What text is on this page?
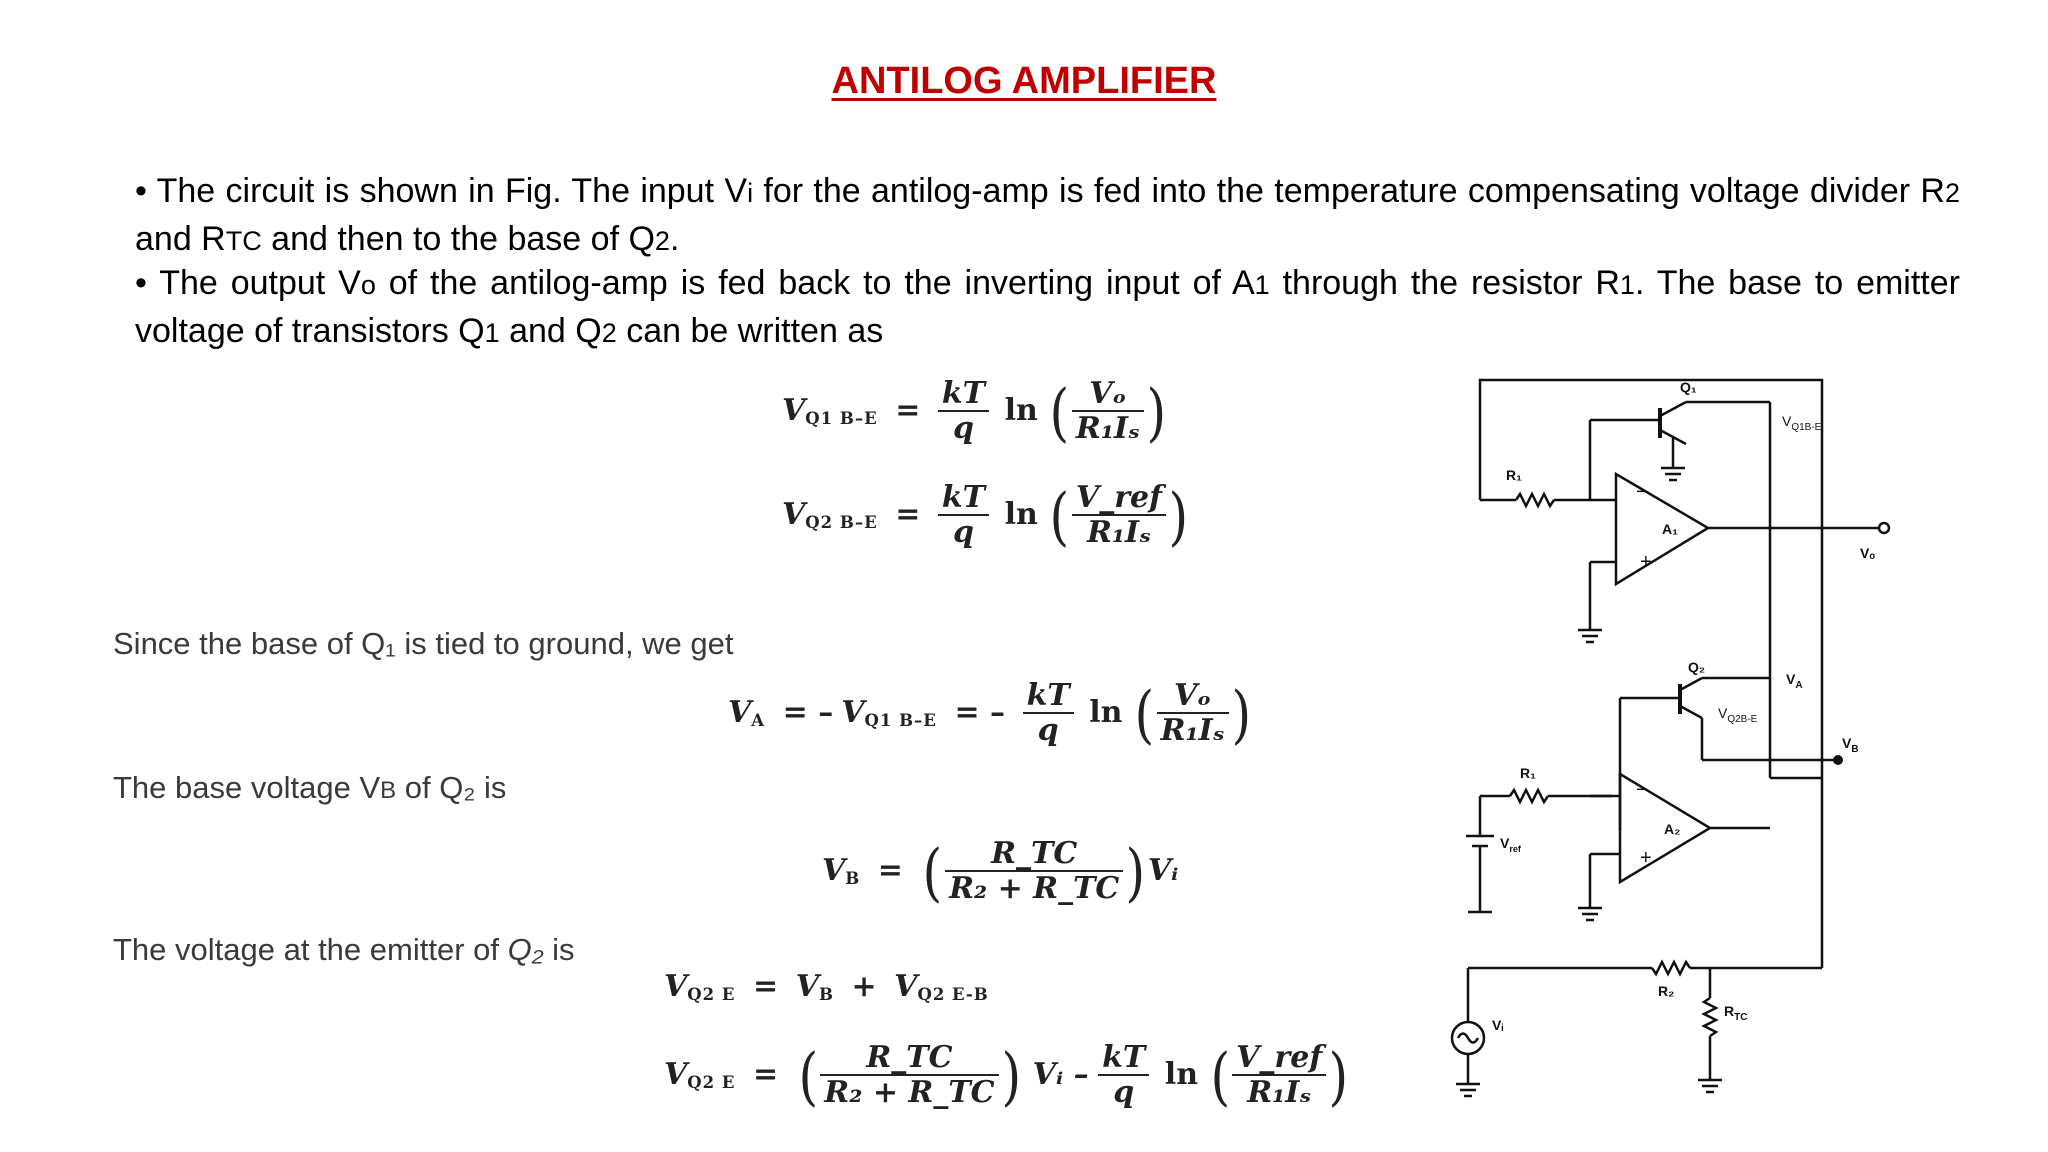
ANTILOG AMPLIFIER
• The circuit is shown in Fig. The input Vi for the antilog-amp is fed into the temperature compensating voltage divider R2 and RTC and then to the base of Q2.
• The output Vo of the antilog-amp is fed back to the inverting input of A1 through the resistor R1. The base to emitter voltage of transistors Q1 and Q2 can be written as
$V_{Q1 B-E} = \frac{kT}{q}$ ln ( $\frac{\text{Vₒ}}{\text{R₁Iₛ}}$ )
$V_{Q2 B-E} = \frac{kT}{q}$ ln ( $\frac{\text{V\_ref}}{\text{R₁Iₛ}}$ )
Since the base of Q₁ is tied to ground, we get
$V_A$ = – $V_{Q1 B-E}$ = – $\frac{kT}{q}$ ln ( $\frac{\text{Vₒ}}{\text{R₁Iₛ}}$ )
The base voltage VB of Q₂ is
$V_B$ = ( $\frac{R\_TC}{\text{R₂ + R\_TC}}$ )Vᵢ
The voltage at the emitter of Q₂ is
$V_{Q2 E} = V_B + V_{Q2 E-B}$
$V_{Q2 E}$ = ( $\frac{R\_TC}{\text{R₂ + R\_TC}}$ ) Vᵢ – $\frac{kT}{q}$ ln ( $\frac{\text{V\_ref}}{\text{R₁Iₛ}}$ )
Q₁
$V_{Q1B-E}$
R₁
+
−
A₁
Vₒ
Q₂
$V_{Q2B-E}$
$V_A$
$V_B$
R₁
−
+
A₂
$V_{ref}$
R₂
Vᵢ
$R_{TC}$
